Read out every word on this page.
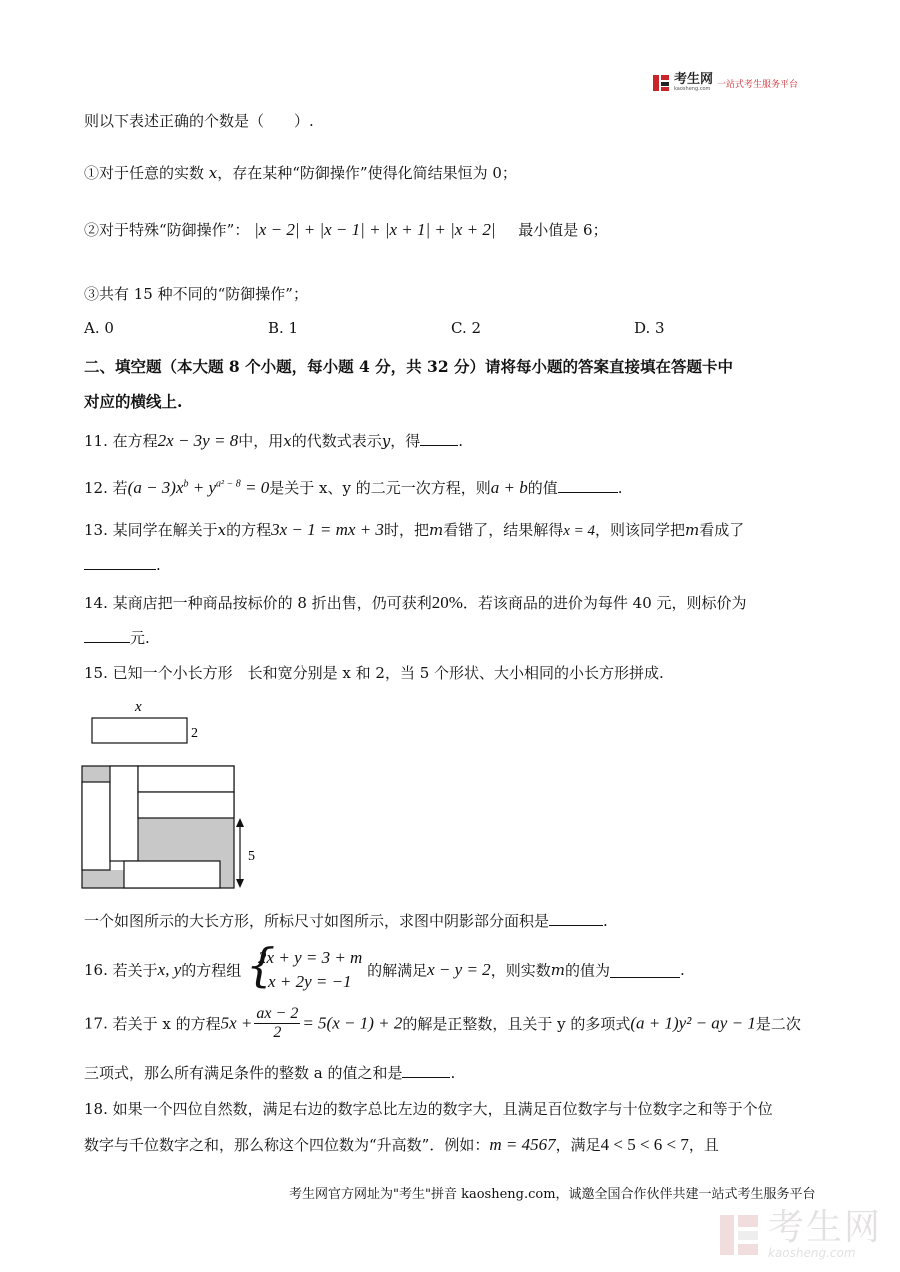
考生网
kaosheng.com 一站式考生服务平台
则以下表述正确的个数是（　　）.
①对于任意的实数 x，存在某种“防御操作”使得化简结果恒为 0；
②对于特殊“防御操作”： |x − 2| + |x − 1| + |x + 1| + |x + 2| 最小值是 6；
③共有 15 种不同的“防御操作”；
A. 0	B. 1	C. 2	D. 3
二、填空题（本大题 8 个小题，每小题 4 分，共 32 分）请将每小题的答案直接填在答题卡中
对应的横线上.
11. 在方程2x − 3y = 8中，用x的代数式表示y，得	.
12. 若$(a - 3)x^b + y^{a^2 - 8} = 0$是关于 x、y 的二元一次方程，则a + b的值	.
13. 某同学在解关于x的方程3x − 1 = mx + 3时，把m看错了，结果解得x = 4，则该同学把m看成了
.
14. 某商店把一种商品按标价的 8 折出售，仍可获利20%．若该商品的进价为每件 40 元，则标价为
元.
15. 已知一个小长方形　长和宽分别是 x 和 2，当 5 个形状、大小相同的小长方形拼成.
x
2
5
一个如图所示的大长方形，所标尺寸如图所示，求图中阴影部分面积是	.
16. 若关于x, y的方程组 {
2x + y = 3 + m
x + 2y = −1
的解满足x − y = 2，则实数m的值为	.
17. 若关于 x 的方程$5x + \frac{ax - 2}{2} = 5(x - 1) + 2$的解是正整数，且关于 y 的多项式(a + 1)y² − ay − 1是二次
三项式，那么所有满足条件的整数 a 的值之和是	.
18. 如果一个四位自然数，满足右边的数字总比左边的数字大，且满足百位数字与十位数字之和等于个位
数字与千位数字之和，那么称这个四位数为“升高数”．例如：m = 4567，满足4 < 5 < 6 < 7，且
考生网官方网址为"考生"拼音 kaosheng.com，诚邀全国合作伙伴共建一站式考生服务平台
考生网
kaosheng.com
